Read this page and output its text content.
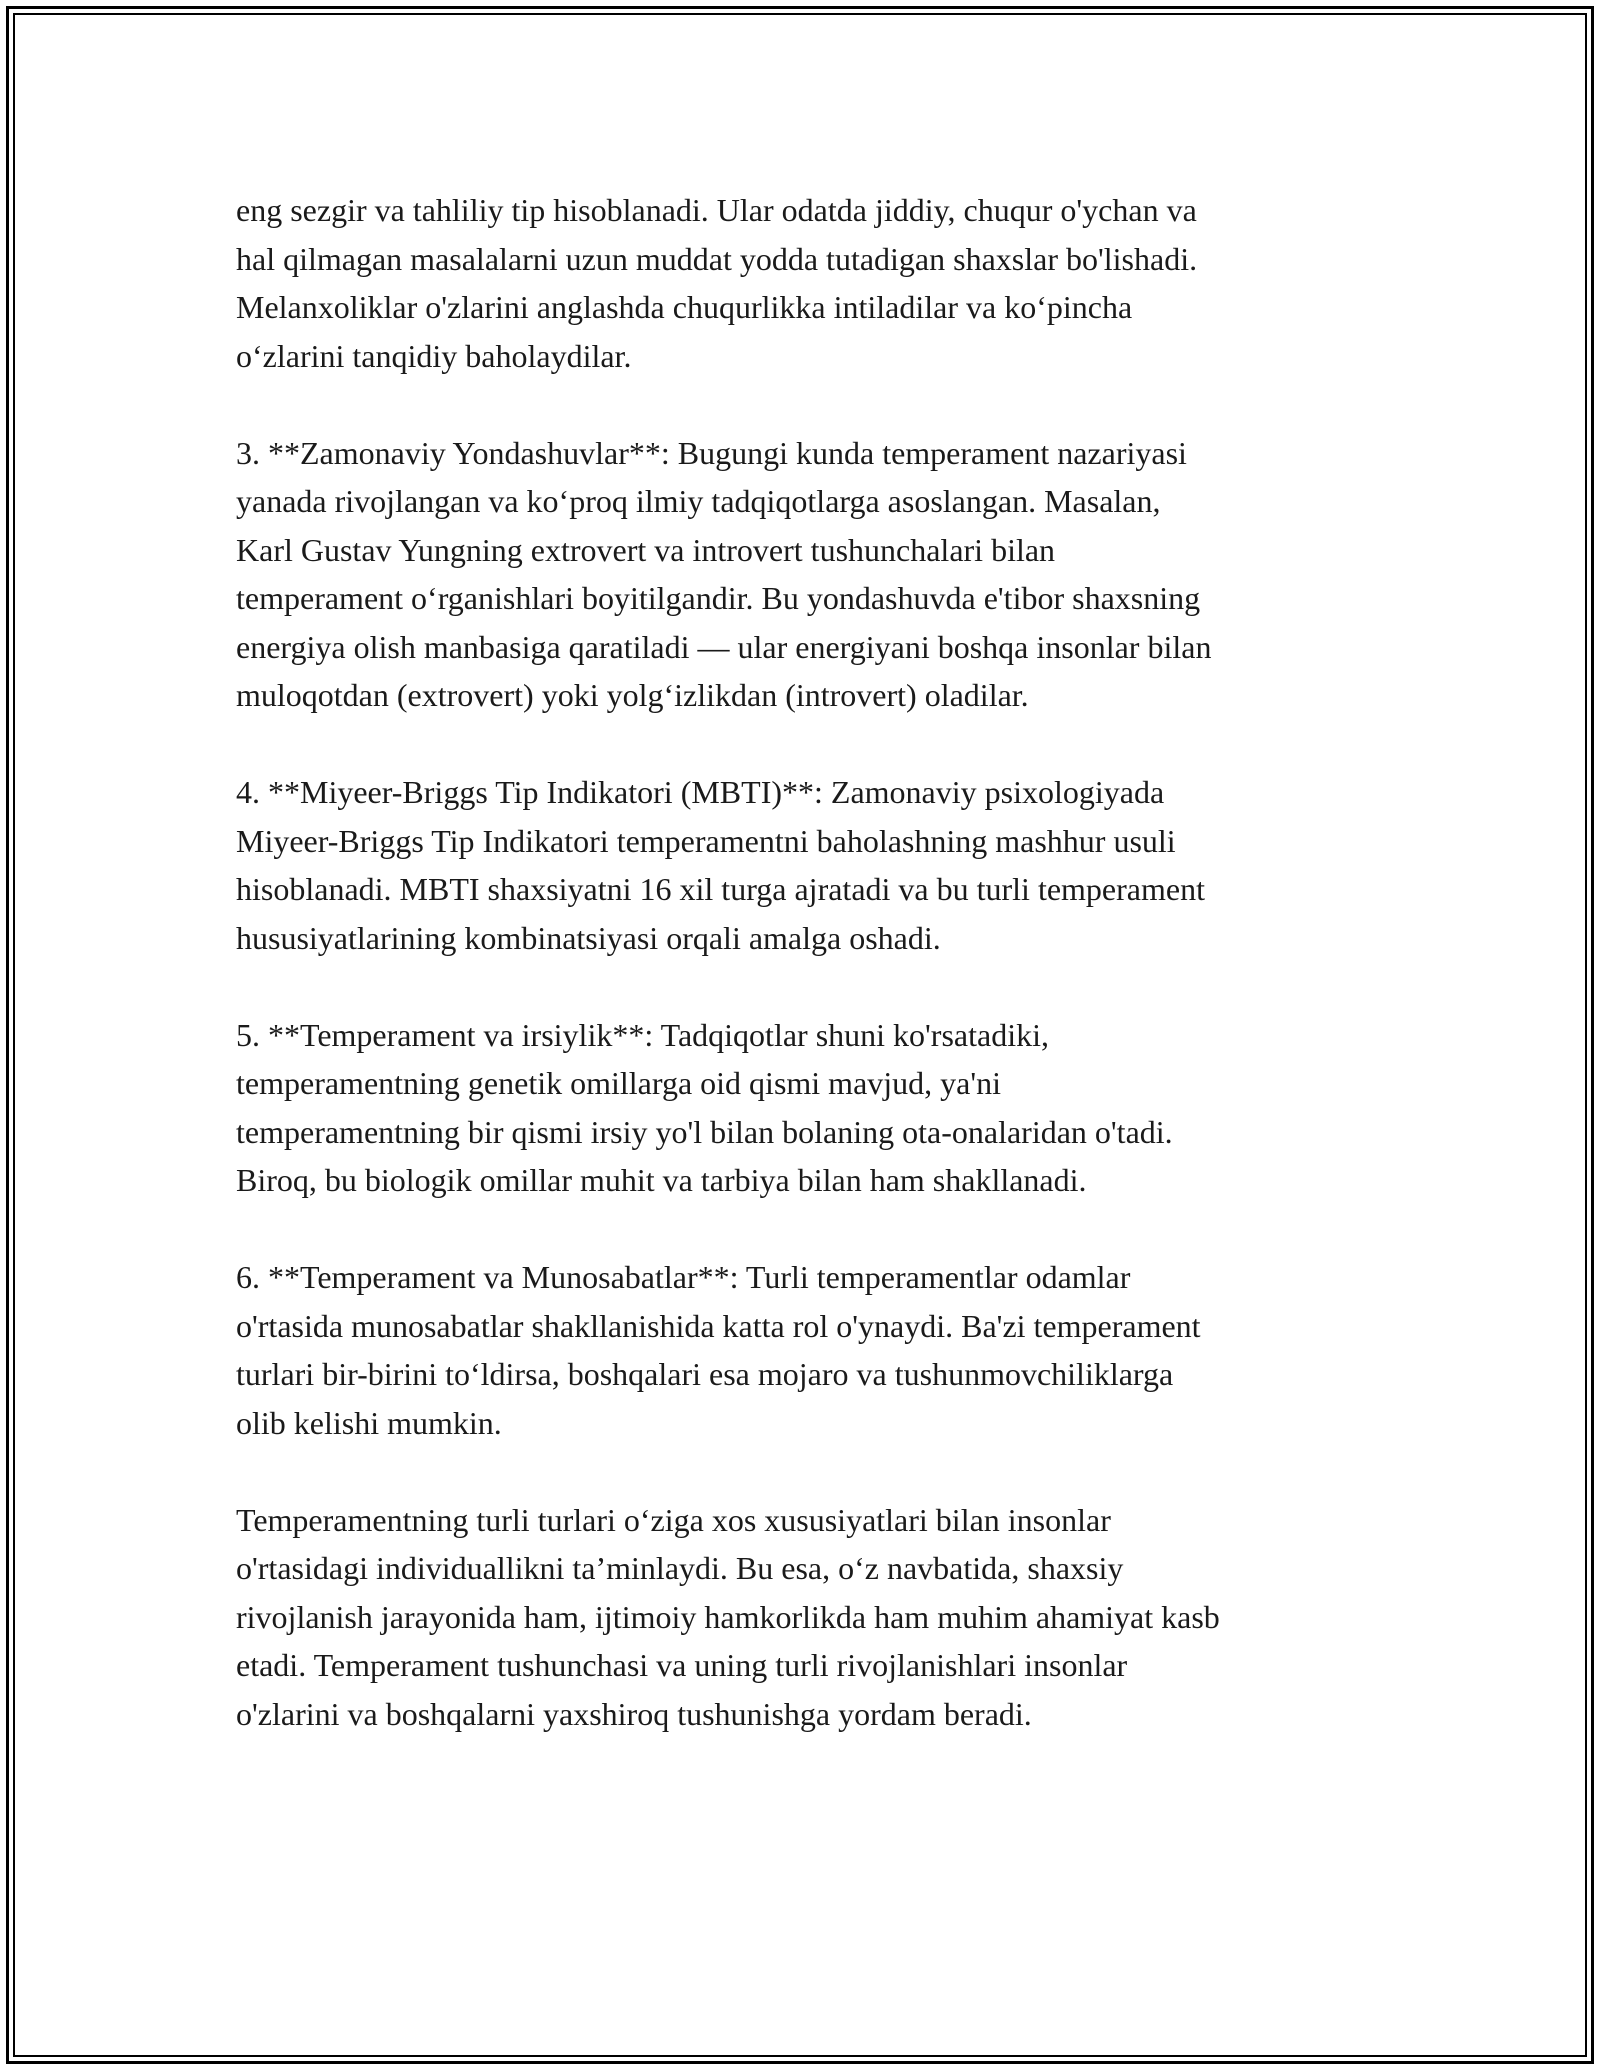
eng sezgir va tahliliy tip hisoblanadi. Ular odatda jiddiy, chuqur o'ychan va
hal qilmagan masalalarni uzun muddat yodda tutadigan shaxslar bo'lishadi.
Melanxoliklar o'zlarini anglashda chuqurlikka intiladilar va ko‘pincha
o‘zlarini tanqidiy baholaydilar.

3. **Zamonaviy Yondashuvlar**: Bugungi kunda temperament nazariyasi
yanada rivojlangan va ko‘proq ilmiy tadqiqotlarga asoslangan. Masalan,
Karl Gustav Yungning extrovert va introvert tushunchalari bilan
temperament o‘rganishlari boyitilgandir. Bu yondashuvda e'tibor shaxsning
energiya olish manbasiga qaratiladi — ular energiyani boshqa insonlar bilan
muloqotdan (extrovert) yoki yolg‘izlikdan (introvert) oladilar.

4. **Miyeer-Briggs Tip Indikatori (MBTI)**: Zamonaviy psixologiyada
Miyeer-Briggs Tip Indikatori temperamentni baholashning mashhur usuli
hisoblanadi. MBTI shaxsiyatni 16 xil turga ajratadi va bu turli temperament
hususiyatlarining kombinatsiyasi orqali amalga oshadi.

5. **Temperament va irsiylik**: Tadqiqotlar shuni ko'rsatadiki,
temperamentning genetik omillarga oid qismi mavjud, ya'ni
temperamentning bir qismi irsiy yo'l bilan bolaning ota-onalaridan o'tadi.
Biroq, bu biologik omillar muhit va tarbiya bilan ham shakllanadi.

6. **Temperament va Munosabatlar**: Turli temperamentlar odamlar
o'rtasida munosabatlar shakllanishida katta rol o'ynaydi. Ba'zi temperament
turlari bir-birini to‘ldirsa, boshqalari esa mojaro va tushunmovchiliklarga
olib kelishi mumkin.

Temperamentning turli turlari o‘ziga xos xususiyatlari bilan insonlar
o'rtasidagi individuallikni ta’minlaydi. Bu esa, o‘z navbatida, shaxsiy
rivojlanish jarayonida ham, ijtimoiy hamkorlikda ham muhim ahamiyat kasb
etadi. Temperament tushunchasi va uning turli rivojlanishlari insonlar
o'zlarini va boshqalarni yaxshiroq tushunishga yordam beradi.
